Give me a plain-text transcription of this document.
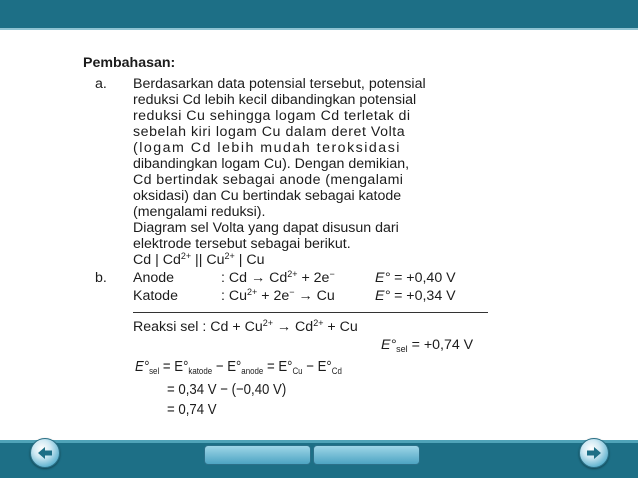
Pembahasan:
a. Berdasarkan data potensial tersebut, potensial
reduksi Cd lebih kecil dibandingkan potensial
reduksi Cu sehingga logam Cd terletak di
sebelah kiri logam Cu dalam deret Volta
(logam Cd lebih mudah teroksidasi
dibandingkan logam Cu). Dengan demikian,
Cd bertindak sebagai anode (mengalami
oksidasi) dan Cu bertindak sebagai katode
(mengalami reduksi).
Diagram sel Volta yang dapat disusun dari
elektrode tersebut sebagai berikut.
Cd | $Cd^{2+}$ || $Cu^{2+}$ | Cu
b. Anode	: $Cd \to Cd^{2+} + 2e^-$	E° = +0,40 V
Katode	: $Cu^{2+} + 2e^- \to Cu$	E° = +0,34 V
Reaksi sel : $Cd + Cu^{2+} \to Cd^{2+} + Cu$
$E^\circ_{sel} = +0,74$ V
$E^\circ_{sel} = E^\circ_{katode} - E^\circ_{anode} = E^\circ_{Cu} - E^\circ_{Cd}$
= 0,34 V − (−0,40 V)
= 0,74 V
